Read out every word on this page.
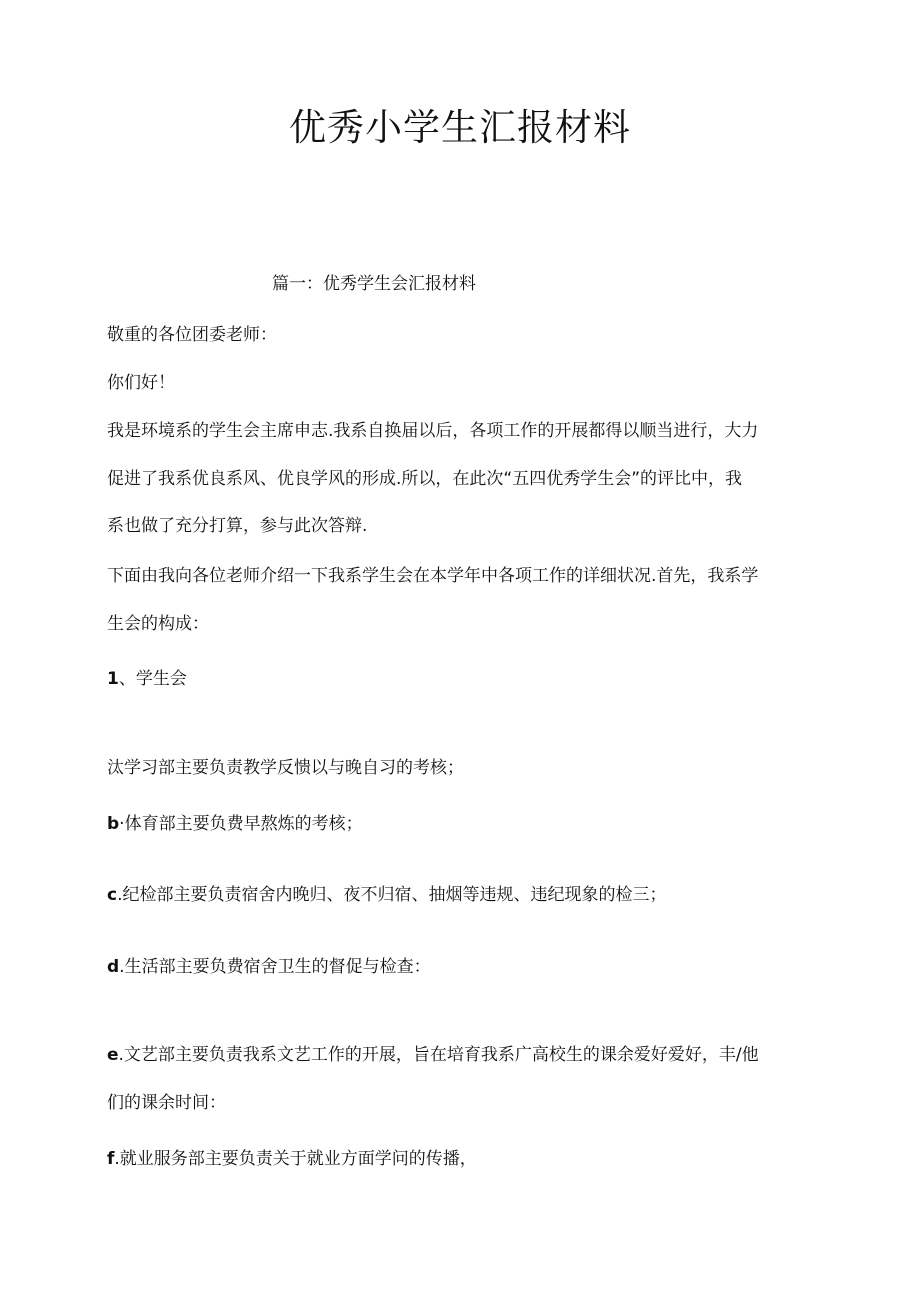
优秀小学生汇报材料

篇一：优秀学生会汇报材料

敬重的各位团委老师：

你们好！

我是环境系的学生会主席申志.我系自换届以后，各项工作的开展都得以顺当进行，大力

促进了我系优良系风、优良学风的形成.所以，在此次“五四优秀学生会”的评比中，我

系也做了充分打算，参与此次答辩.

下面由我向各位老师介绍一下我系学生会在本学年中各项工作的详细状况.首先，我系学

生会的构成：

1、学生会

汰学习部主要负责教学反愦以与晚自习的考核；

b·体育部主要负费早熬炼的考核；

c.纪检部主要负责宿舍内晚归、夜不归宿、抽烟等违规、违纪现象的检三；

d.生活部主要负费宿舍卫生的督促与检查：

e.文艺部主要负责我系文艺工作的开展，旨在培育我系广高校生的课余爱好爱好，丰/他

们的课余时间：

f.就业服务部主要负责关于就业方面学问的传播，
